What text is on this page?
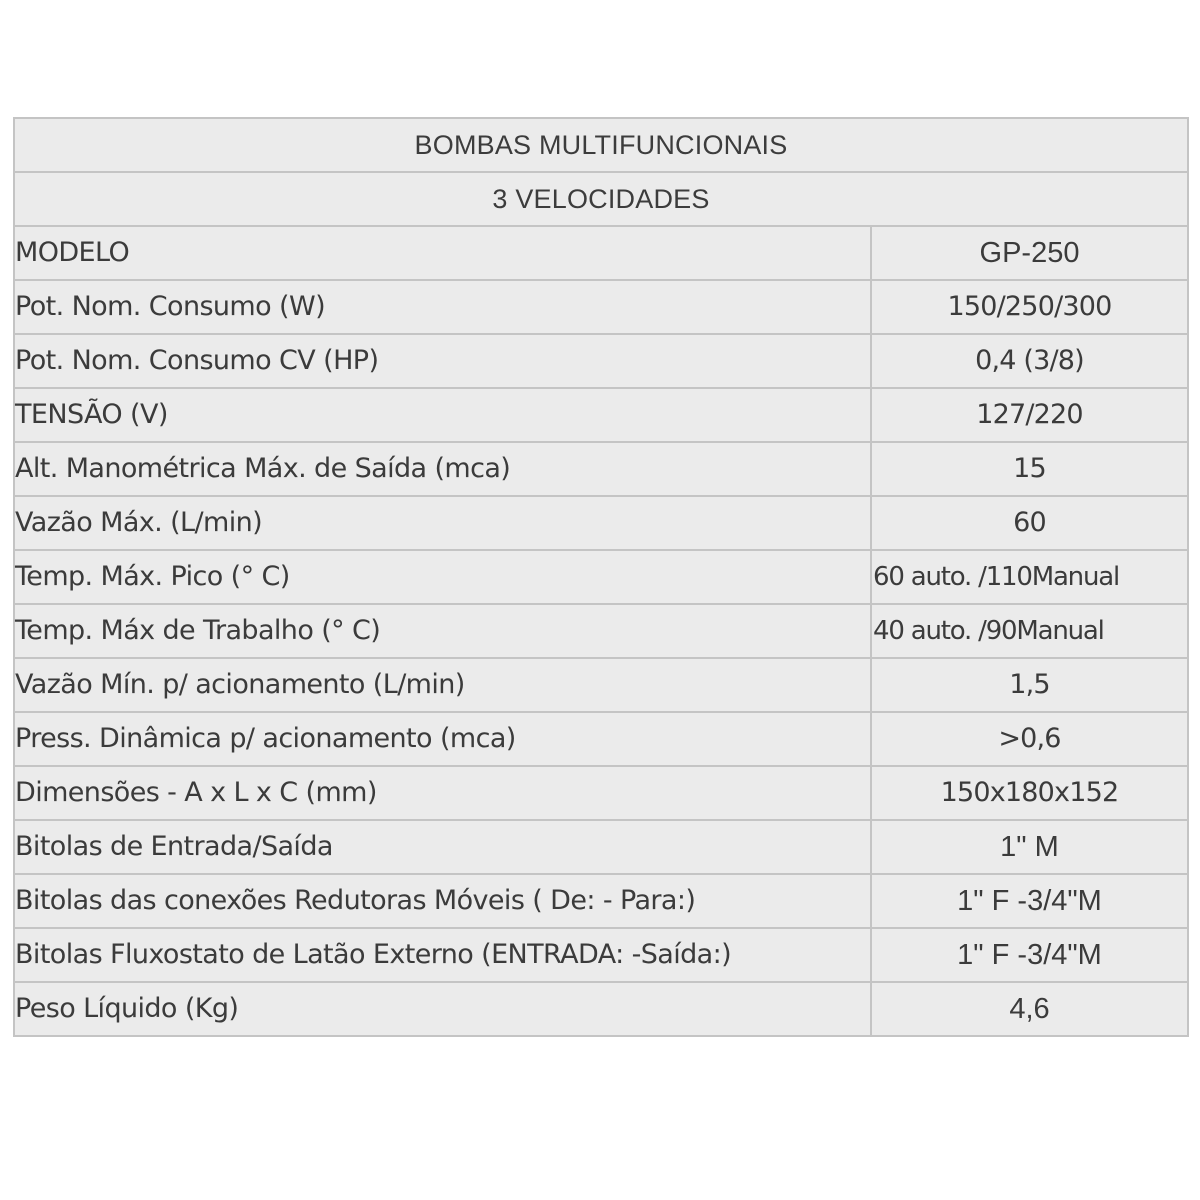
BOMBAS MULTIFUNCIONAIS	
3 VELOCIDADES	
MODELO	GP-250
Pot. Nom. Consumo (W)	150/250/300
Pot. Nom. Consumo CV (HP)	0,4 (3/8)
TENSÃO (V)	127/220
Alt. Manométrica Máx. de Saída (mca)	15
Vazão Máx. (L/min)	60
Temp. Máx. Pico (° C)	60 auto. /110Manual
Temp. Máx de Trabalho (° C)	40 auto. /90Manual
Vazão Mín. p/ acionamento (L/min)	1,5
Press. Dinâmica p/ acionamento (mca)	>0,6
Dimensões - A x L x C (mm)	150x180x152
Bitolas de Entrada/Saída	1" M
Bitolas das conexões Redutoras Móveis ( De: - Para:)	1" F -3/4"M
Bitolas Fluxostato de Latão Externo (ENTRADA: -Saída:)	1" F -3/4"M
Peso Líquido (Kg)	4,6
